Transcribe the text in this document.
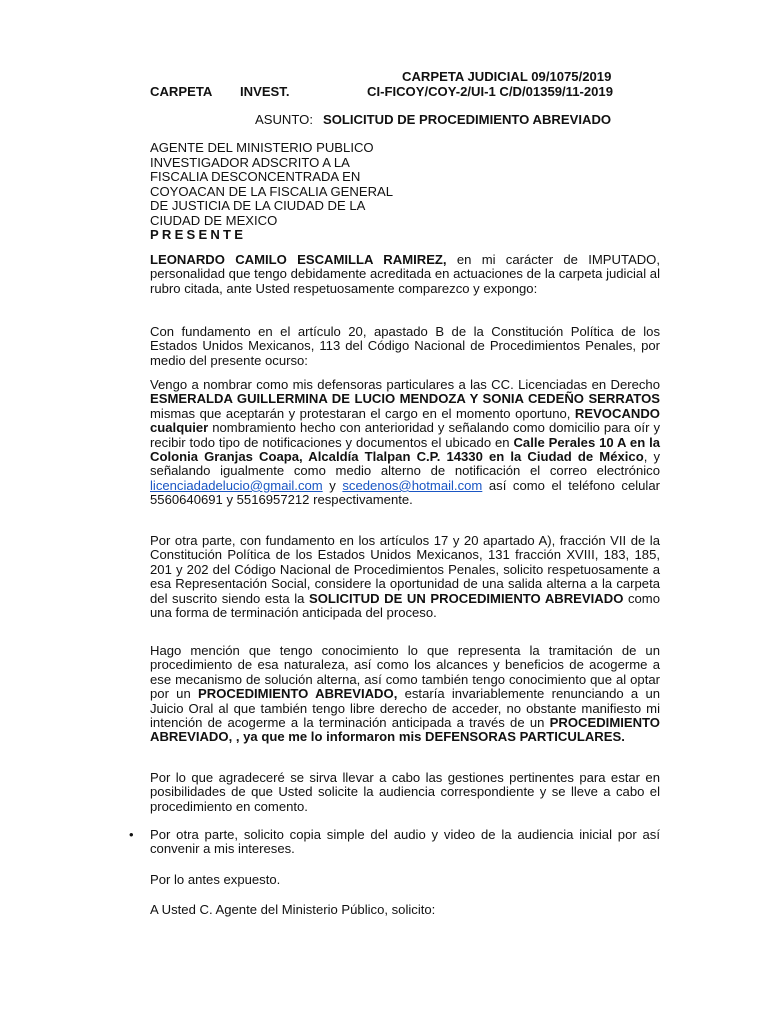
CARPETA JUDICIAL 09/1075/2019
CARPETA INVEST.	CI-FICOY/COY-2/UI-1 C/D/01359/11-2019
ASUNTO: SOLICITUD DE PROCEDIMIENTO ABREVIADO
AGENTE DEL MINISTERIO PUBLICO
INVESTIGADOR ADSCRITO A LA
FISCALIA DESCONCENTRADA EN
COYOACAN DE LA FISCALIA GENERAL
DE JUSTICIA DE LA CIUDAD DE LA
CIUDAD DE MEXICO
PRESENTE

LEONARDO CAMILO ESCAMILLA RAMIREZ, en mi carácter de IMPUTADO, personalidad que tengo debidamente acreditada en actuaciones de la carpeta judicial al rubro citada, ante Usted respetuosamente comparezco y expongo:

Con fundamento en el artículo 20, apastado B de la Constitución Política de los Estados Unidos Mexicanos, 113 del Código Nacional de Procedimientos Penales, por medio del presente ocurso:

Vengo a nombrar como mis defensoras particulares a las CC. Licenciadas en Derecho ESMERALDA GUILLERMINA DE LUCIO MENDOZA Y SONIA CEDEÑO SERRATOS mismas que aceptarán y protestaran el cargo en el momento oportuno, REVOCANDO cualquier nombramiento hecho con anterioridad y señalando como domicilio para oír y recibir todo tipo de notificaciones y documentos el ubicado en Calle Perales 10 A en la Colonia Granjas Coapa, Alcaldía Tlalpan C.P. 14330 en la Ciudad de México, y señalando igualmente como medio alterno de notificación el correo electrónico licenciadadelucio@gmail.com y scedenos@hotmail.com así como el teléfono celular 5560640691 y 5516957212 respectivamente.

Por otra parte, con fundamento en los artículos 17 y 20 apartado A), fracción VII de la Constitución Política de los Estados Unidos Mexicanos, 131 fracción XVIII, 183, 185, 201 y 202 del Código Nacional de Procedimientos Penales, solicito respetuosamente a esa Representación Social, considere la oportunidad de una salida alterna a la carpeta del suscrito siendo esta la SOLICITUD DE UN PROCEDIMIENTO ABREVIADO como una forma de terminación anticipada del proceso.

Hago mención que tengo conocimiento lo que representa la tramitación de un procedimiento de esa naturaleza, así como los alcances y beneficios de acogerme a ese mecanismo de solución alterna, así como también tengo conocimiento que al optar por un PROCEDIMIENTO ABREVIADO, estaría invariablemente renunciando a un Juicio Oral al que también tengo libre derecho de acceder, no obstante manifiesto mi intención de acogerme a la terminación anticipada a través de un PROCEDIMIENTO ABREVIADO, , ya que me lo informaron mis DEFENSORAS PARTICULARES.

Por lo que agradeceré se sirva llevar a cabo las gestiones pertinentes para estar en posibilidades de que Usted solicite la audiencia correspondiente y se lleve a cabo el procedimiento en comento.

• Por otra parte, solicito copia simple del audio y video de la audiencia inicial por así convenir a mis intereses.

Por lo antes expuesto.
A Usted C. Agente del Ministerio Público, solicito:
